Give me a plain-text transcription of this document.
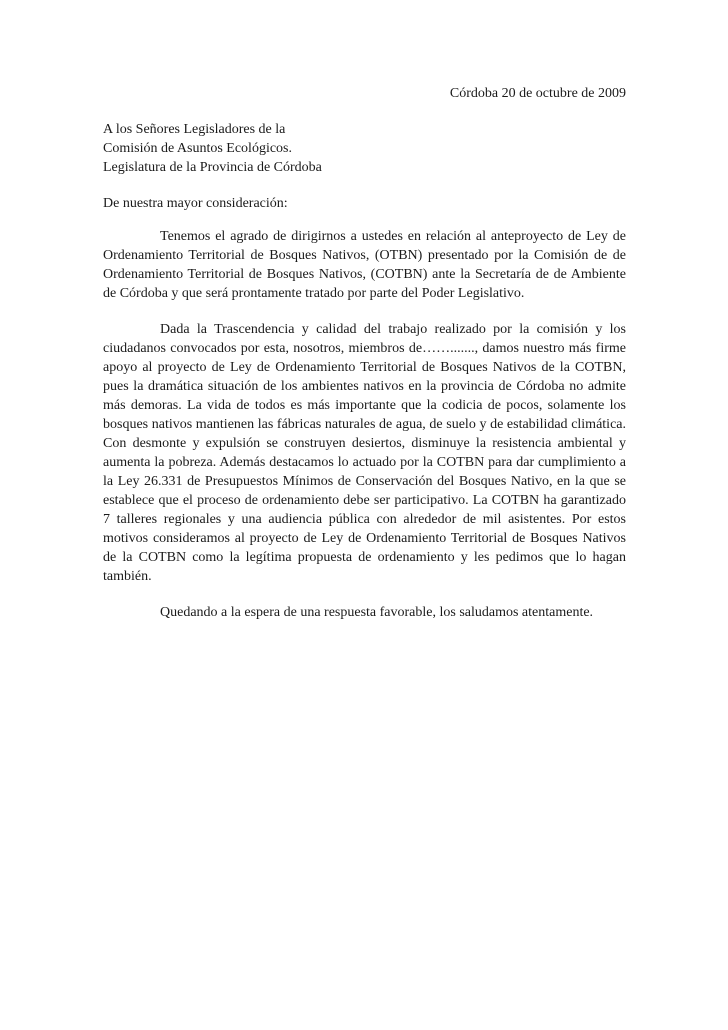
Córdoba 20 de octubre de 2009

A los Señores Legisladores de la
Comisión de Asuntos Ecológicos.
Legislatura de la Provincia de Córdoba

De nuestra mayor consideración:

Tenemos el agrado de dirigirnos a ustedes en relación al anteproyecto de Ley de Ordenamiento Territorial de Bosques Nativos, (OTBN) presentado por la Comisión de de Ordenamiento Territorial de Bosques Nativos, (COTBN) ante la Secretaría de de Ambiente de Córdoba y que será prontamente tratado por parte del Poder Legislativo.

Dada la Trascendencia y calidad del trabajo realizado por la comisión y los ciudadanos convocados por esta, nosotros, miembros de……......., damos nuestro más firme apoyo al proyecto de Ley de Ordenamiento Territorial de Bosques Nativos de la COTBN, pues la dramática situación de los ambientes nativos en la provincia de Córdoba no admite más demoras. La vida de todos es más importante que la codicia de pocos, solamente los bosques nativos mantienen las fábricas naturales de agua, de suelo y de estabilidad climática. Con desmonte y expulsión se construyen desiertos, disminuye la resistencia ambiental y aumenta la pobreza. Además destacamos lo actuado por la COTBN para dar cumplimiento a la Ley 26.331 de Presupuestos Mínimos de Conservación del Bosques Nativo, en la que se establece que el proceso de ordenamiento debe ser participativo. La COTBN ha garantizado 7 talleres regionales y una audiencia pública con alrededor de mil asistentes. Por estos motivos consideramos al proyecto de Ley de Ordenamiento Territorial de Bosques Nativos de la COTBN como la legítima propuesta de ordenamiento y les pedimos que lo hagan también.

Quedando a la espera de una respuesta favorable, los saludamos atentamente.
